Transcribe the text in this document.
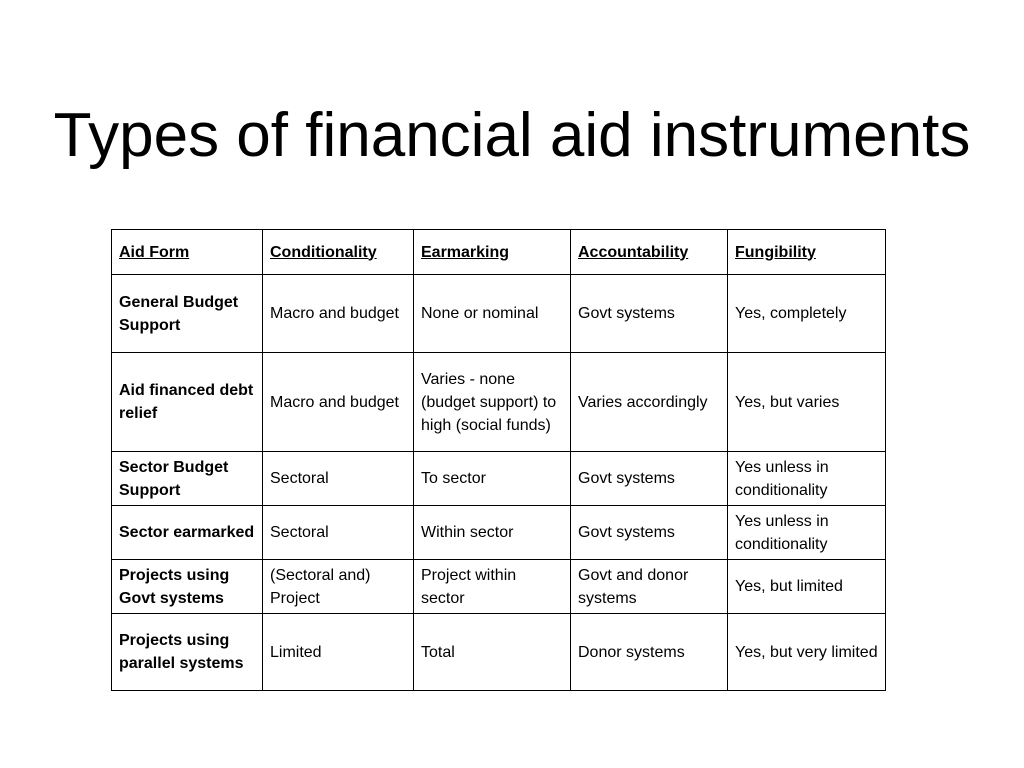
Types of financial aid instruments
Aid Form	Conditionality	Earmarking	Accountability	Fungibility
General Budget Support	Macro and budget	None or nominal	Govt systems	Yes, completely
Aid financed debt relief	Macro and budget	Varies - none (budget support) to high (social funds)	Varies accordingly	Yes, but varies
Sector Budget Support	Sectoral	To sector	Govt systems	Yes unless in conditionality
Sector earmarked	Sectoral	Within sector	Govt systems	Yes unless in conditionality
Projects using Govt systems	(Sectoral and) Project	Project within sector	Govt and donor systems	Yes, but limited
Projects using parallel systems	Limited	Total	Donor systems	Yes, but very limited
